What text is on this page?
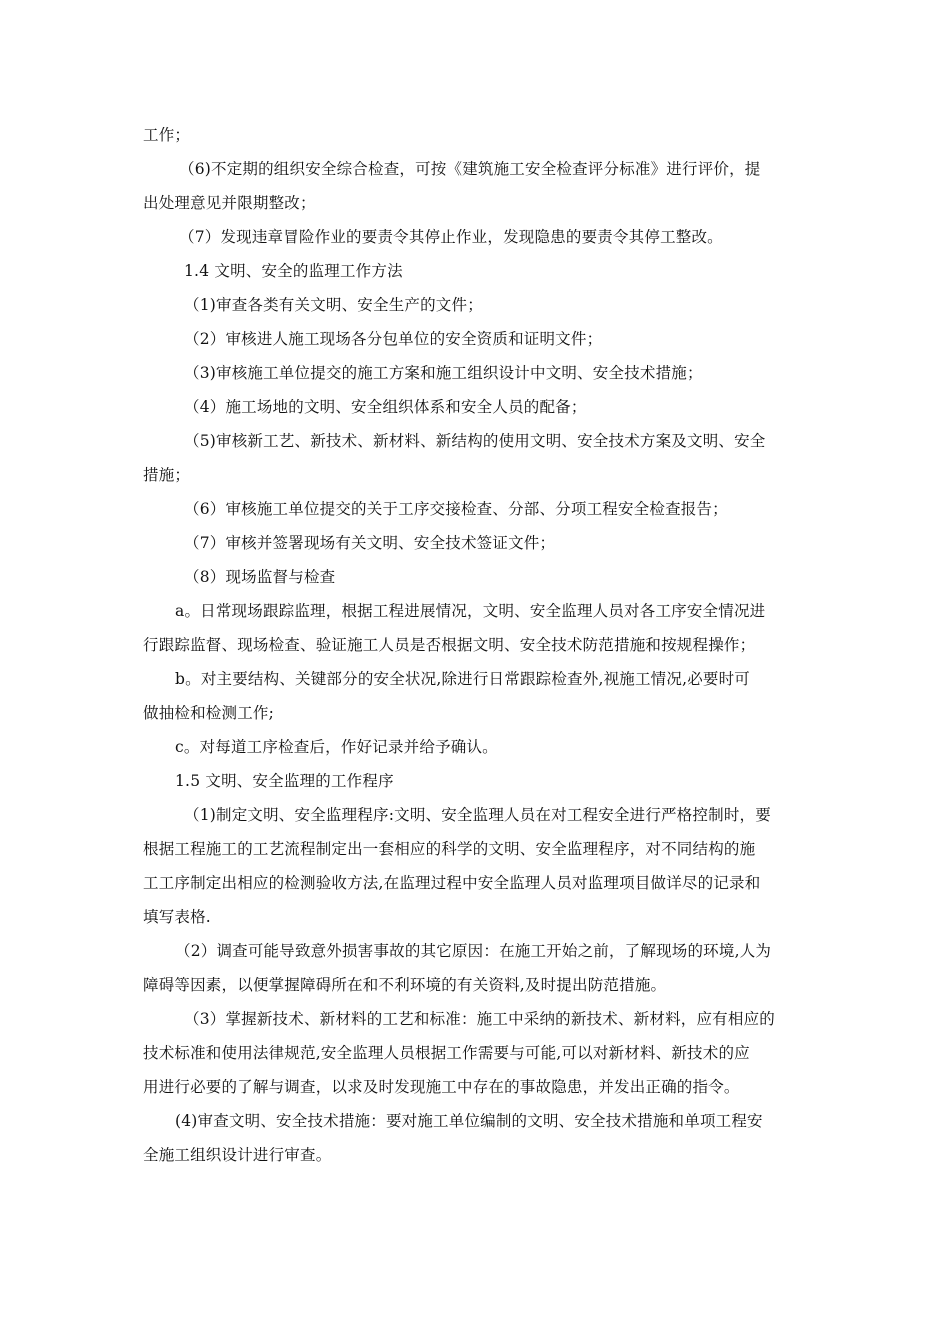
工作；
（6)不定期的组织安全综合检查，可按《建筑施工安全检查评分标准》进行评价，提
出处理意见并限期整改；
（7）发现违章冒险作业的要责令其停止作业，发现隐患的要责令其停工整改。
1.4 文明、安全的监理工作方法
（1)审查各类有关文明、安全生产的文件；
（2）审核进人施工现场各分包单位的安全资质和证明文件；
（3)审核施工单位提交的施工方案和施工组织设计中文明、安全技术措施；
（4）施工场地的文明、安全组织体系和安全人员的配备；
（5)审核新工艺、新技术、新材料、新结构的使用文明、安全技术方案及文明、安全
措施；
（6）审核施工单位提交的关于工序交接检查、分部、分项工程安全检查报告；
（7）审核并签署现场有关文明、安全技术签证文件；
（8）现场监督与检查
a。日常现场跟踪监理，根据工程进展情况，文明、安全监理人员对各工序安全情况进
行跟踪监督、现场检查、验证施工人员是否根据文明、安全技术防范措施和按规程操作；
b。对主要结构、关键部分的安全状况,除进行日常跟踪检查外,视施工情况,必要时可
做抽检和检测工作;
c。对每道工序检查后，作好记录并给予确认。
1.5 文明、安全监理的工作程序
（1)制定文明、安全监理程序:文明、安全监理人员在对工程安全进行严格控制时，要
根据工程施工的工艺流程制定出一套相应的科学的文明、安全监理程序，对不同结构的施
工工序制定出相应的检测验收方法,在监理过程中安全监理人员对监理项目做详尽的记录和
填写表格.
（2）调查可能导致意外损害事故的其它原因：在施工开始之前，了解现场的环境,人为
障碍等因素，以便掌握障碍所在和不利环境的有关资料,及时提出防范措施。
（3）掌握新技术、新材料的工艺和标准：施工中采纳的新技术、新材料，应有相应的
技术标准和使用法律规范,安全监理人员根据工作需要与可能,可以对新材料、新技术的应
用进行必要的了解与调查，以求及时发现施工中存在的事故隐患，并发出正确的指令。
(4)审查文明、安全技术措施：要对施工单位编制的文明、安全技术措施和单项工程安
全施工组织设计进行审查。
